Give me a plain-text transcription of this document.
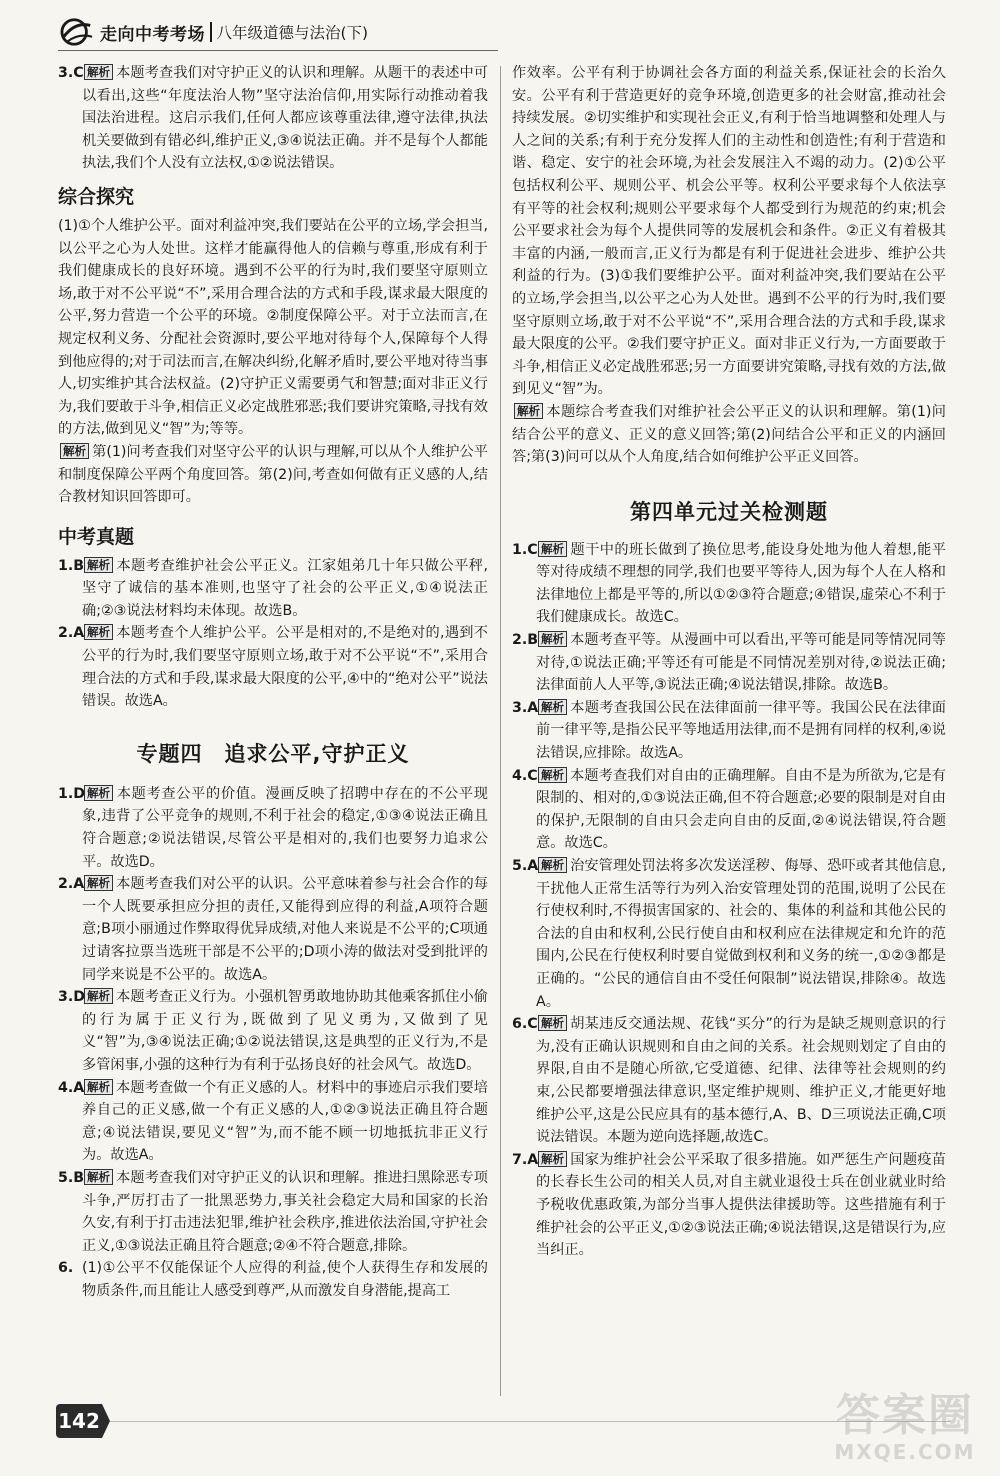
走向中考考场 八年级道德与法治(下)

3.C 解析 本题考查我们对守护正义的认识和理解。从题干的表述中可以看出,这些“年度法治人物”坚守法治信仰,用实际行动推动着我国法治进程。这启示我们,任何人都应该尊重法律,遵守法律,执法机关要做到有错必纠,维护正义,③④说法正确。并不是每个人都能执法,我们个人没有立法权,①②说法错误。

综合探究

(1)①个人维护公平。面对利益冲突,我们要站在公平的立场,学会担当,以公平之心为人处世。这样才能赢得他人的信赖与尊重,形成有利于我们健康成长的良好环境。遇到不公平的行为时,我们要坚守原则立场,敢于对不公平说“不”,采用合理合法的方式和手段,谋求最大限度的公平,努力营造一个公平的环境。②制度保障公平。对于立法而言,在规定权利义务、分配社会资源时,要公平地对待每个人,保障每个人得到他应得的;对于司法而言,在解决纠纷,化解矛盾时,要公平地对待当事人,切实维护其合法权益。(2)守护正义需要勇气和智慧;面对非正义行为,我们要敢于斗争,相信正义必定战胜邪恶;我们要讲究策略,寻找有效的方法,做到见义“智”为;等等。

解析 第(1)问考查我们对坚守公平的认识与理解,可以从个人维护公平和制度保障公平两个角度回答。第(2)问,考查如何做有正义感的人,结合教材知识回答即可。

中考真题

1.B 解析 本题考查维护社会公平正义。江家姐弟几十年只做公平秤,坚守了诚信的基本准则,也坚守了社会的公平正义,①④说法正确;②③说法材料均未体现。故选B。

2.A 解析 本题考查个人维护公平。公平是相对的,不是绝对的,遇到不公平的行为时,我们要坚守原则立场,敢于对不公平说“不”,采用合理合法的方式和手段,谋求最大限度的公平,④中的“绝对公平”说法错误。故选A。

专题四　追求公平,守护正义

1.D 解析 本题考查公平的价值。漫画反映了招聘中存在的不公平现象,违背了公平竞争的规则,不利于社会的稳定,①③④说法正确且符合题意;②说法错误,尽管公平是相对的,我们也要努力追求公平。故选D。

2.A 解析 本题考查我们对公平的认识。公平意味着参与社会合作的每一个人既要承担应分担的责任,又能得到应得的利益,A项符合题意;B项小丽通过作弊取得优异成绩,对他人来说是不公平的;C项通过请客拉票当选班干部是不公平的;D项小涛的做法对受到批评的同学来说是不公平的。故选A。

3.D 解析 本题考查正义行为。小强机智勇敢地协助其他乘客抓住小偷的行为属于正义行为,既做到了见义勇为,又做到了见义“智”为,③④说法正确;①②说法错误,这是典型的正义行为,不是多管闲事,小强的这种行为有利于弘扬良好的社会风气。故选D。

4.A 解析 本题考查做一个有正义感的人。材料中的事迹启示我们要培养自己的正义感,做一个有正义感的人,①②③说法正确且符合题意;④说法错误,要见义“智”为,而不能不顾一切地抵抗非正义行为。故选A。

5.B 解析 本题考查我们对守护正义的认识和理解。推进扫黑除恶专项斗争,严厉打击了一批黑恶势力,事关社会稳定大局和国家的长治久安,有利于打击违法犯罪,维护社会秩序,推进依法治国,守护社会正义,①③说法正确且符合题意;②④不符合题意,排除。

6. (1)①公平不仅能保证个人应得的利益,使个人获得生存和发展的物质条件,而且能让人感受到尊严,从而激发自身潜能,提高工

作效率。公平有利于协调社会各方面的利益关系,保证社会的长治久安。公平有利于营造更好的竞争环境,创造更多的社会财富,推动社会持续发展。②切实维护和实现社会正义,有利于恰当地调整和处理人与人之间的关系;有利于充分发挥人们的主动性和创造性;有利于营造和谐、稳定、安宁的社会环境,为社会发展注入不竭的动力。(2)①公平包括权利公平、规则公平、机会公平等。权利公平要求每个人依法享有平等的社会权利;规则公平要求每个人都受到行为规范的约束;机会公平要求社会为每个人提供同等的发展机会和条件。②正义有着极其丰富的内涵,一般而言,正义行为都是有利于促进社会进步、维护公共利益的行为。(3)①我们要维护公平。面对利益冲突,我们要站在公平的立场,学会担当,以公平之心为人处世。遇到不公平的行为时,我们要坚守原则立场,敢于对不公平说“不”,采用合理合法的方式和手段,谋求最大限度的公平。②我们要守护正义。面对非正义行为,一方面要敢于斗争,相信正义必定战胜邪恶;另一方面要讲究策略,寻找有效的方法,做到见义“智”为。

解析 本题综合考查我们对维护社会公平正义的认识和理解。第(1)问结合公平的意义、正义的意义回答;第(2)问结合公平和正义的内涵回答;第(3)问可以从个人角度,结合如何维护公平正义回答。

第四单元过关检测题

1.C 解析 题干中的班长做到了换位思考,能设身处地为他人着想,能平等对待成绩不理想的同学,我们也要平等待人,因为每个人在人格和法律地位上都是平等的,所以①②③符合题意;④错误,虚荣心不利于我们健康成长。故选C。

2.B 解析 本题考查平等。从漫画中可以看出,平等可能是同等情况同等对待,①说法正确;平等还有可能是不同情况差别对待,②说法正确;法律面前人人平等,③说法正确;④说法错误,排除。故选B。

3.A 解析 本题考查我国公民在法律面前一律平等。我国公民在法律面前一律平等,是指公民平等地适用法律,而不是拥有同样的权利,④说法错误,应排除。故选A。

4.C 解析 本题考查我们对自由的正确理解。自由不是为所欲为,它是有限制的、相对的,①③说法正确,但不符合题意;必要的限制是对自由的保护,无限制的自由只会走向自由的反面,②④说法错误,符合题意。故选C。

5.A 解析 治安管理处罚法将多次发送淫秽、侮辱、恐吓或者其他信息,干扰他人正常生活等行为列入治安管理处罚的范围,说明了公民在行使权利时,不得损害国家的、社会的、集体的利益和其他公民的合法的自由和权利,公民行使自由和权利应在法律规定和允许的范围内,公民在行使权利时要自觉做到权利和义务的统一,①②③都是正确的。“公民的通信自由不受任何限制”说法错误,排除④。故选A。

6.C 解析 胡某违反交通法规、花钱“买分”的行为是缺乏规则意识的行为,没有正确认识规则和自由之间的关系。社会规则划定了自由的界限,自由不是随心所欲,它受道德、纪律、法律等社会规则的约束,公民都要增强法律意识,坚定维护规则、维护正义,才能更好地维护公平,这是公民应具有的基本德行,A、B、D三项说法正确,C项说法错误。本题为逆向选择题,故选C。

7.A 解析 国家为维护社会公平采取了很多措施。如严惩生产问题疫苗的长春长生公司的相关人员,对自主就业退役士兵在创业就业时给予税收优惠政策,为部分当事人提供法律援助等。这些措施有利于维护社会的公平正义,①②③说法正确;④说法错误,这是错误行为,应当纠正。

142	答案圈
MXQE.COM
